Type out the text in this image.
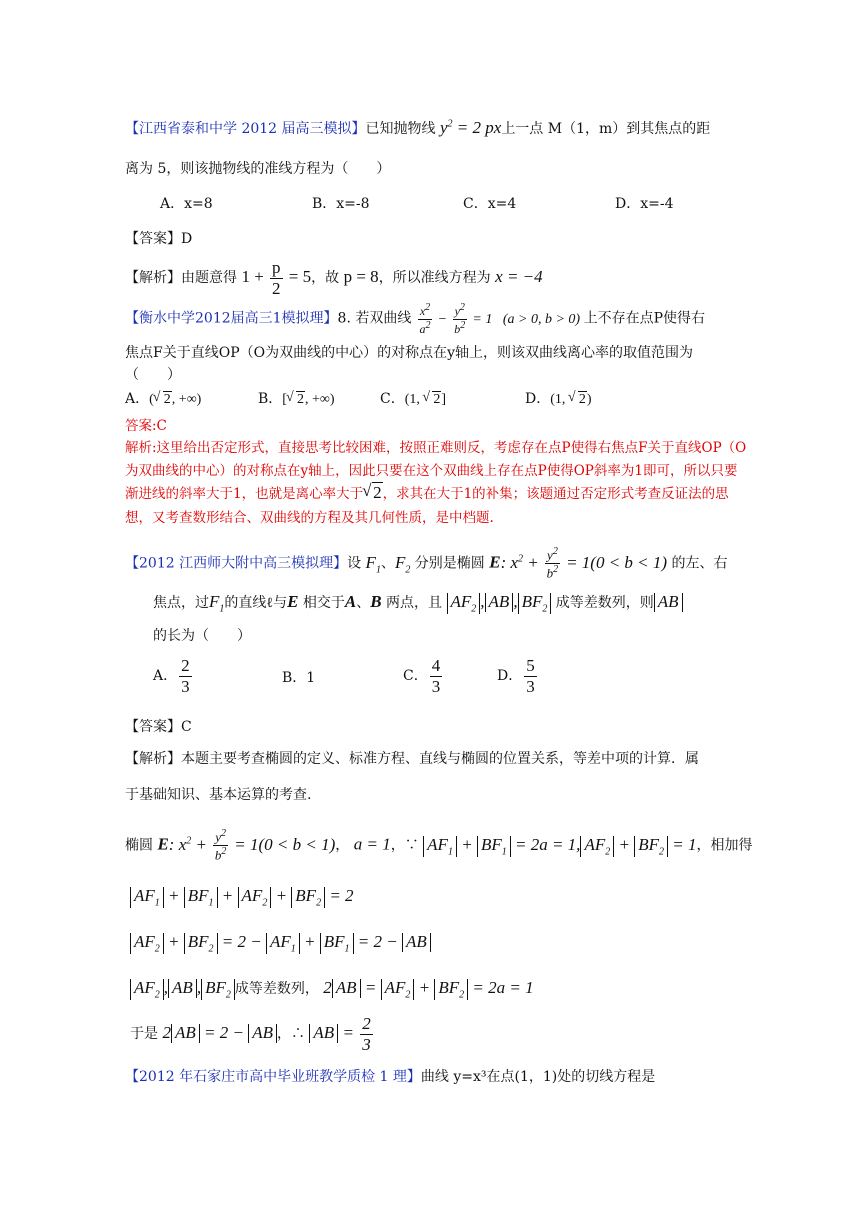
【江西省泰和中学 2012 届高三模拟】已知抛物线 $y^2 = 2$ px上一点 M（1，m）到其焦点的距
离为 5，则该抛物线的准线方程为（　　）
A．x=8	B．x=-8	C．x=4	D．x=-4
【答案】D
【解析】由题意得 $1 + \frac{p}{2} = 5$，故 p = 8，所以准线方程为 x = −4
【衡水中学2012届高三1模拟理】8. 若双曲线 $\frac{x^2}{a^2} - \frac{y^2}{b^2} = 1$   (a > 0, b > 0) 上不存在点P使得右
焦点F关于直线OP（O为双曲线的中心）的对称点在y轴上，则该双曲线离心率的取值范围为
（　　）
A．( √ 2, +∞)	B．[ √ 2, +∞)	C．(1, √ 2]	D．(1, √ 2)
答案:C
解析:这里给出否定形式，直接思考比较困难，按照正难则反，考虑存在点P使得右焦点F关于直线OP（O
为双曲线的中心）的对称点在y轴上，因此只要在这个双曲线上存在点P使得OP斜率为1即可，所以只要
渐进线的斜率大于1，也就是离心率大于 √ 2，求其在大于1的补集；该题通过否定形式考查反证法的思
想，又考查数形结合、双曲线的方程及其几何性质，是中档题.
【2012 江西师大附中高三模拟理】设 $F_1$、$F_2$ 分别是椭圆 E: $x^2 + \frac{y^2}{b^2} = 1(0 < b < 1)$ 的左、右
焦点，过$F_1$的直线ℓ与E 相交于A、B 两点，且 $AF_2$ , AB , $BF_2$ 成等差数列，则 AB
的长为（　　）
A． $\frac{2}{3}$	B．1	C． $\frac{4}{3}$	D． $\frac{5}{3}$
【答案】C
【解析】本题主要考查椭圆的定义、标准方程、直线与椭圆的位置关系，等差中项的计算．属
于基础知识、基本运算的考查.
椭圆 E: $x^2 + \frac{y^2}{b^2} = 1(0 < b < 1)$， a = 1，∵ $AF_1 + BF_1 = 2a = 1$, $AF_2 + BF_2 = 1$，相加得
$AF_1 + BF_1 + AF_2 + BF_2 = 2$
$AF_2 + BF_2 = 2 - AF_1 + BF_1 = 2$ − AB
$AF_2$ , AB , $BF_2$ 成等差数列， 2 AB = $AF_2 + BF_2 = 2a = 1$
于是 2 AB = 2 − AB ，∴ AB = $\frac{2}{3}$
【2012 年石家庄市高中毕业班教学质检 1 理】曲线 y=x³在点(1，1)处的切线方程是
